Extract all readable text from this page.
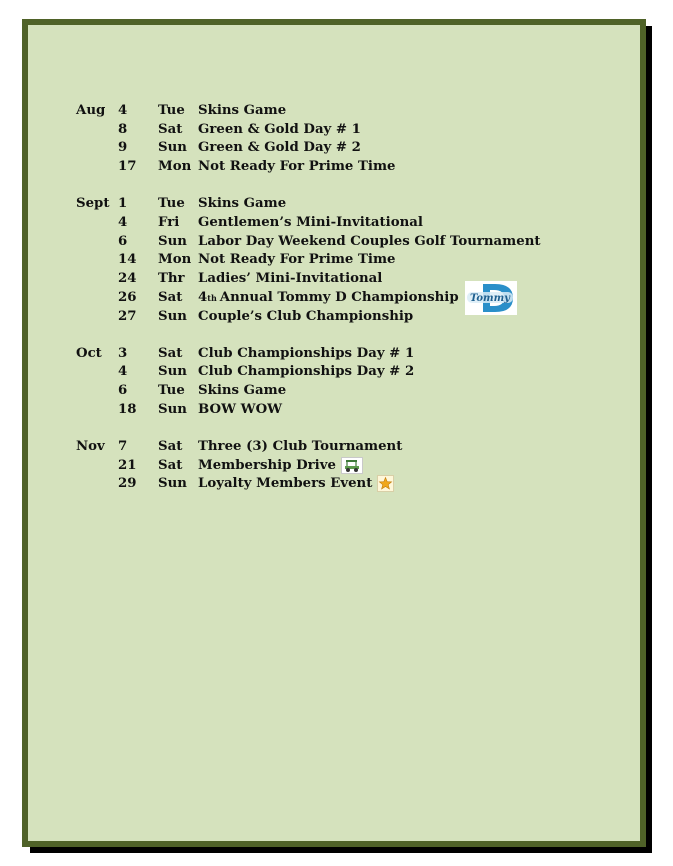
Aug 4	Tue Skins Game
8	Sat	Green & Gold Day # 1
9	Sun Green & Gold Day # 2
17	Mon Not Ready For Prime Time
Sept 1	Tue Skins Game
4	Fri	Gentlemen’s Mini-Invitational
6	Sun Labor Day Weekend Couples Golf Tournament
14	Mon Not Ready For Prime Time
24	Thr	Ladies’ Mini-Invitational
26	Sat	4 th Annual Tommy D Championship Tommy
27	Sun Couple’s Club Championship
Oct	3	Sat	Club Championships Day # 1
4	Sun Club Championships Day # 2
6	Tue Skins Game
18	Sun BOW WOW
Nov 7	Sat	Three (3) Club Tournament
21	Sat	Membership Drive
29	Sun Loyalty Members Event
